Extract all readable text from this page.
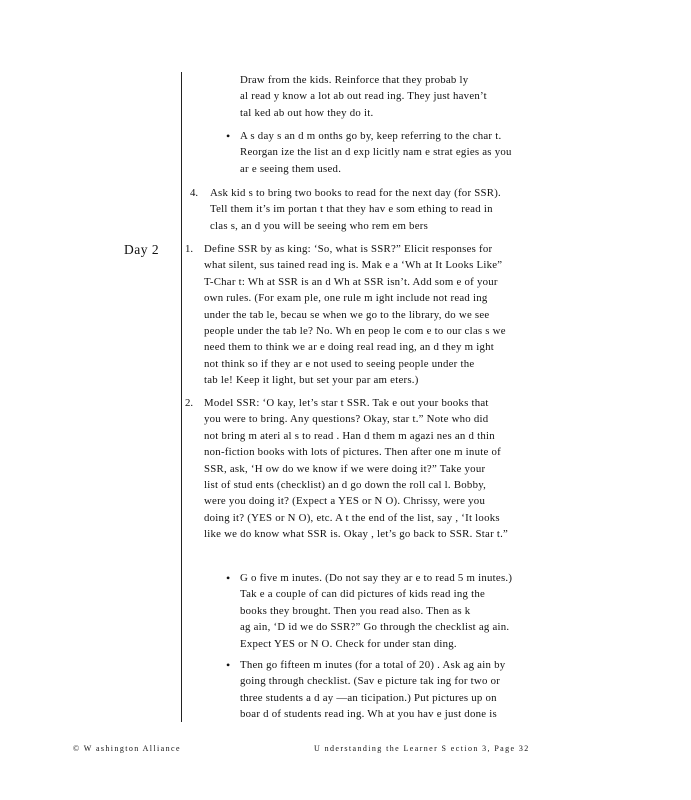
Day 2
Draw from the kids. Reinforce that they probab ly
al read y know a lot ab out read ing. They just haven’t
tal ked ab out how they do it.
• A s day s an d m onths go by, keep referring to the char t.
Reorgan ize the list an d exp licitly nam e strat egies as you
ar e seeing them used.
4. Ask kid s to bring two books to read for the next day (for SSR).
Tell them it’s im portan t that they hav e som ething to read in
clas s, an d you will be seeing who rem em bers
1. Define SSR by as king: ‘So, what is SSR?” Elicit responses for
what silent, sus tained read ing is. Mak e a ‘Wh at It Looks Like”
T-Char t: Wh at SSR is an d Wh at SSR isn’t. Add som e of your
own rules. (For exam ple, one rule m ight include not read ing
under the tab le, becau se when we go to the library, do we see
people under the tab le? No. Wh en peop le com e to our clas s we
need them to think we ar e doing real read ing, an d they m ight
not think so if they ar e not used to seeing people under the
tab le! Keep it light, but set your par am eters.)
2. Model SSR: ‘O kay, let’s star t SSR. Tak e out your books that
you were to bring. Any questions? Okay, star t.” Note who did
not bring m ateri al s to read . Han d them m agazi nes an d thin
non-fiction books with lots of pictures. Then after one m inute of
SSR, ask, ‘H ow do we know if we were doing it?” Take your
list of stud ents (checklist) an d go down the roll cal l. Bobby,
were you doing it? (Expect a YES or N O). Chrissy, were you
doing it? (YES or N O), etc. A t the end of the list, say , ‘It looks
like we do know what SSR is. Okay , let’s go back to SSR. Star t.”
• G o five m inutes. (Do not say they ar e to read 5 m inutes.)
Tak e a couple of can did pictures of kids read ing the
books they brought. Then you read also. Then as k
ag ain, ‘D id we do SSR?” Go through the checklist ag ain.
Expect YES or N O. Check for under stan ding.
• Then go fifteen m inutes (for a total of 20) . Ask ag ain by
going through checklist. (Sav e picture tak ing for two or
three students a d ay —an ticipation.) Put pictures up on
boar d of students read ing. Wh at you hav e just done is
© W ashington Alliance	U nderstanding the Learner S ection 3, Page 32
